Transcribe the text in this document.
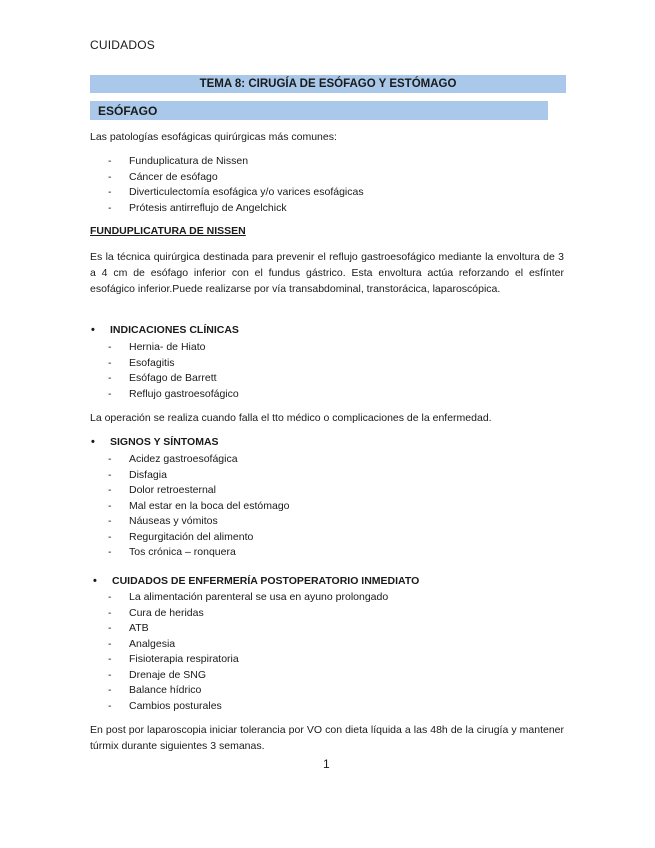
CUIDADOS
TEMA 8: CIRUGÍA DE ESÓFAGO Y ESTÓMAGO
ESÓFAGO
Las patologías esofágicas quirúrgicas más comunes:
- Funduplicatura de Nissen
- Cáncer de esófago
- Diverticulectomía esofágica y/o varices esofágicas
- Prótesis antirreflujo de Angelchick
FUNDUPLICATURA DE NISSEN
Es la técnica quirúrgica destinada para prevenir el reflujo gastroesofágico mediante la envoltura de 3 a 4 cm de esófago inferior con el fundus gástrico. Esta envoltura actúa reforzando el esfínter esofágico inferior.Puede realizarse por vía transabdominal, transtorácica, laparoscópica.
•	INDICACIONES CLÍNICAS
- Hernia- de Hiato
- Esofagitis
- Esófago de Barrett
- Reflujo gastroesofágico
La operación se realiza cuando falla el tto médico o complicaciones de la enfermedad.
•	SIGNOS Y SÍNTOMAS
- Acidez gastroesofágica
- Disfagia
- Dolor retroesternal
- Mal estar en la boca del estómago
- Náuseas y vómitos
- Regurgitación del alimento
- Tos crónica – ronquera
•	CUIDADOS DE ENFERMERÍA POSTOPERATORIO INMEDIATO
- La alimentación parenteral se usa en ayuno prolongado
- Cura de heridas
- ATB
- Analgesia
- Fisioterapia respiratoria
- Drenaje de SNG
- Balance hídrico
- Cambios posturales
En post por laparoscopia iniciar tolerancia por VO con dieta líquida a las 48h de la cirugía y mantener túrmix durante siguientes 3 semanas.
1
